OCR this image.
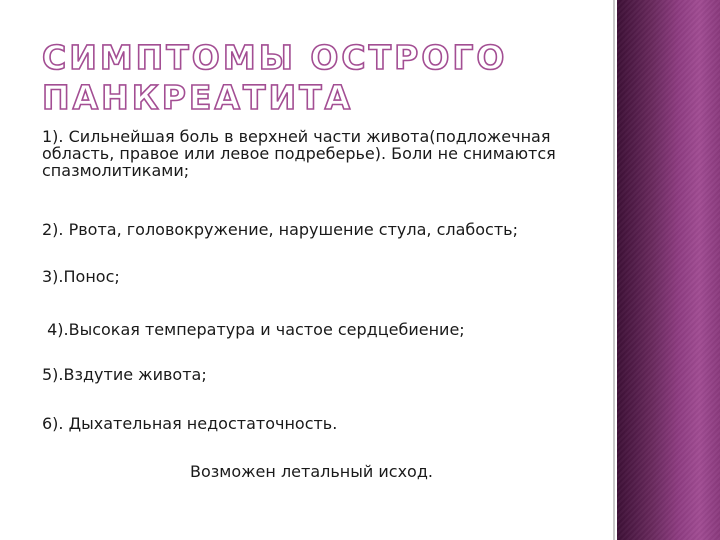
СИМПТОМЫ ОСТРОГО
ПАНКРЕАТИТА

1). Сильнейшая боль в верхней части живота(подложечная область, правое или левое подреберье). Боли не снимаются спазмолитиками;

2). Рвота, головокружение, нарушение стула, слабость;

3).Понос;

4).Высокая температура и частое сердцебиение;

5).Вздутие живота;

6). Дыхательная недостаточность.

Возможен летальный исход.
